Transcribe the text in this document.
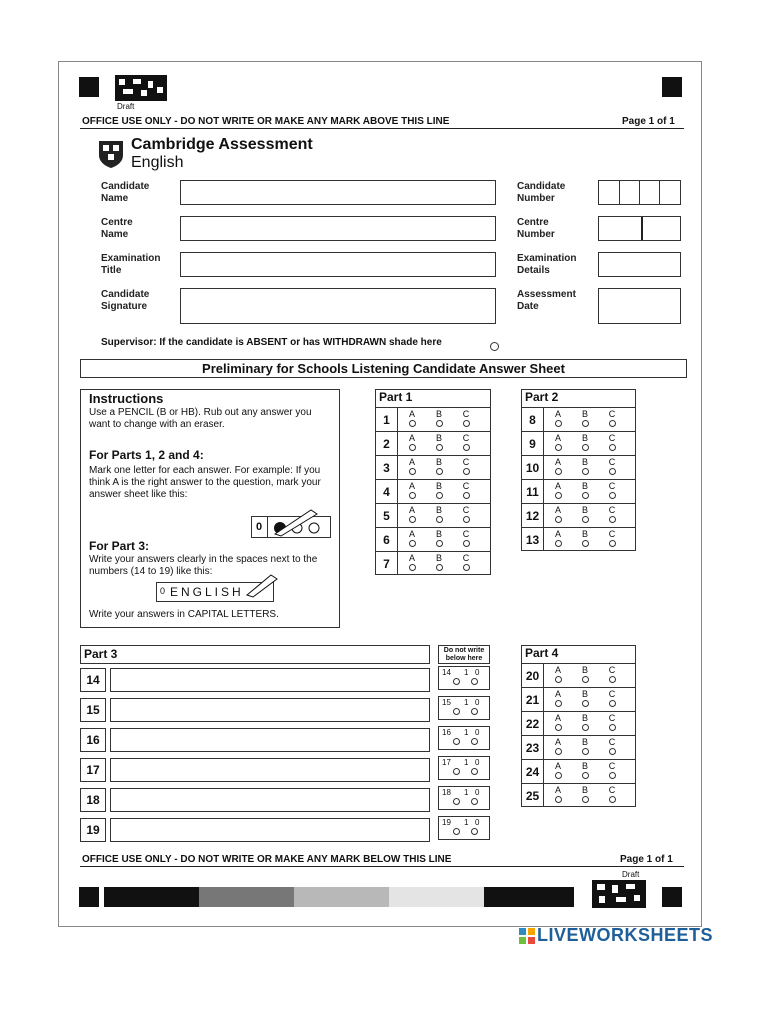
Draft
OFFICE USE ONLY - DO NOT WRITE OR MAKE ANY MARK ABOVE THIS LINE	Page 1 of 1
Cambridge Assessment
English
Candidate
Name
Centre
Name
Examination
Title
Candidate
Signature
Candidate
Number
Centre
Number
Examination
Details
Assessment
Date
Supervisor: If the candidate is ABSENT or has WITHDRAWN shade here
Preliminary for Schools Listening Candidate Answer Sheet
Instructions
Use a PENCIL (B or HB). Rub out any answer you want to change with an eraser.
For Parts 1, 2 and 4:
Mark one letter for each answer. For example: If you think A is the right answer to the question, mark your answer sheet like this:
0
For Part 3:
Write your answers clearly in the spaces next to the numbers (14 to 19) like this:
0 ENGLISH
Write your answers in CAPITAL LETTERS.
Part 1
1	A	B	C
2	A	B	C
3	A	B	C
4	A	B	C
5	A	B	C
6	A	B	C
7	A	B	C
Part 2
8	A	B	C
9	A	B	C
10	A	B	C
11	A	B	C
12	A	B	C
13	A	B	C
Part 3	Do not write below here
14
14 1 0
15
15 1 0
16
16 1 0
17
17 1 0
18
18 1 0
19
19 1 0
Part 4
20	A	B	C
21	A	B	C
22	A	B	C
23	A	B	C
24	A	B	C
25	A	B	C
OFFICE USE ONLY - DO NOT WRITE OR MAKE ANY MARK BELOW THIS LINE	Page 1 of 1
Draft
LIVEWORKSHEETS
